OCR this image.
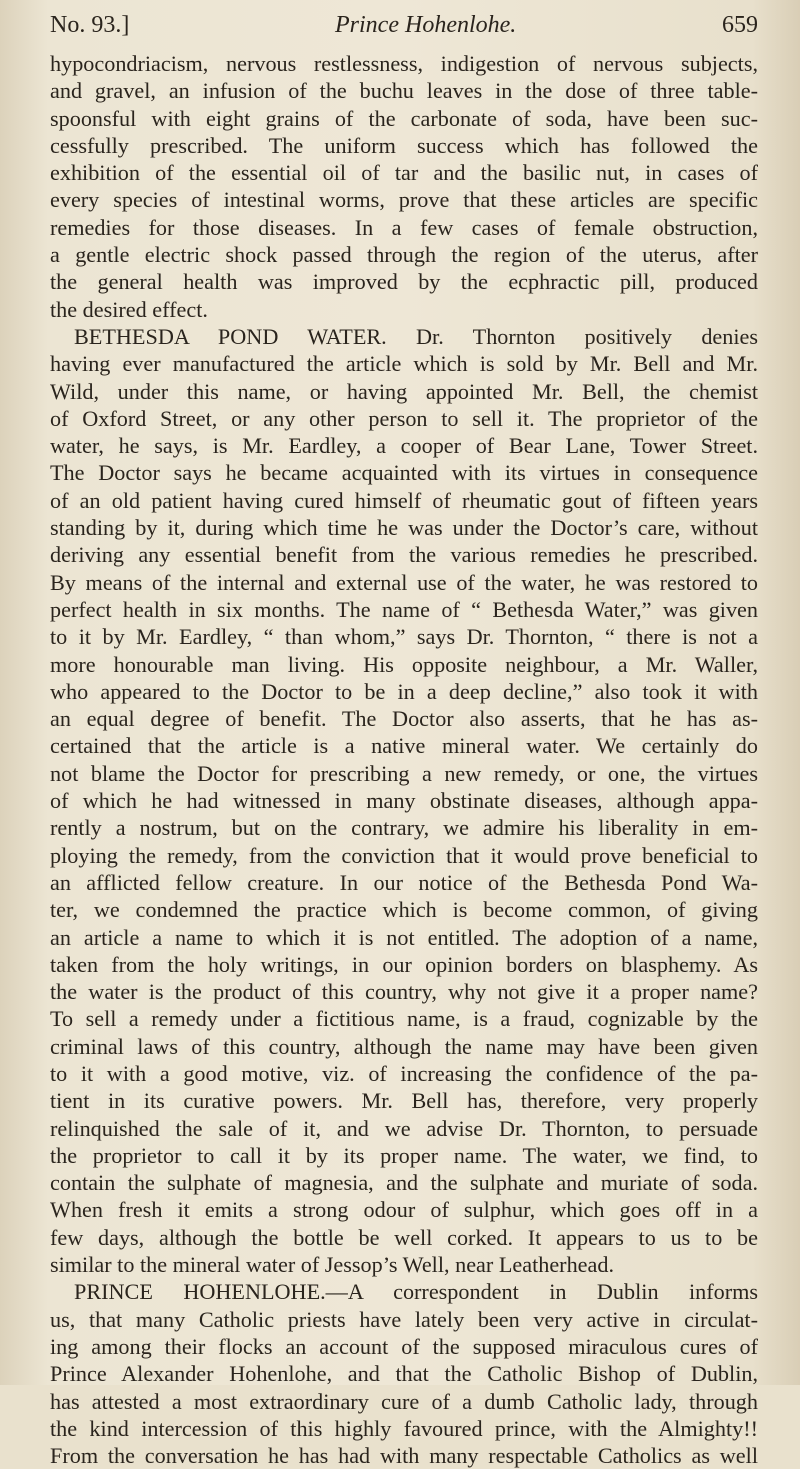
No. 93.]	Prince Hohenlohe.	659
hypocondriacism, nervous restlessness, indigestion of nervous subjects,
and gravel, an infusion of the buchu leaves in the dose of three table-
spoonsful with eight grains of the carbonate of soda, have been suc-
cessfully prescribed. The uniform success which has followed the
exhibition of the essential oil of tar and the basilic nut, in cases of
every species of intestinal worms, prove that these articles are specific
remedies for those diseases. In a few cases of female obstruction,
a gentle electric shock passed through the region of the uterus, after
the general health was improved by the ecphractic pill, produced
the desired effect.
BETHESDA POND WATER. Dr. Thornton positively denies
having ever manufactured the article which is sold by Mr. Bell and Mr.
Wild, under this name, or having appointed Mr. Bell, the chemist
of Oxford Street, or any other person to sell it. The proprietor of the
water, he says, is Mr. Eardley, a cooper of Bear Lane, Tower Street.
The Doctor says he became acquainted with its virtues in consequence
of an old patient having cured himself of rheumatic gout of fifteen years
standing by it, during which time he was under the Doctor’s care, without
deriving any essential benefit from the various remedies he prescribed.
By means of the internal and external use of the water, he was restored to
perfect health in six months. The name of “ Bethesda Water,” was given
to it by Mr. Eardley, “ than whom,” says Dr. Thornton, “ there is not a
more honourable man living. His opposite neighbour, a Mr. Waller,
who appeared to the Doctor to be in a deep decline,” also took it with
an equal degree of benefit. The Doctor also asserts, that he has as-
certained that the article is a native mineral water. We certainly do
not blame the Doctor for prescribing a new remedy, or one, the virtues
of which he had witnessed in many obstinate diseases, although appa-
rently a nostrum, but on the contrary, we admire his liberality in em-
ploying the remedy, from the conviction that it would prove beneficial to
an afflicted fellow creature. In our notice of the Bethesda Pond Wa-
ter, we condemned the practice which is become common, of giving
an article a name to which it is not entitled. The adoption of a name,
taken from the holy writings, in our opinion borders on blasphemy. As
the water is the product of this country, why not give it a proper name?
To sell a remedy under a fictitious name, is a fraud, cognizable by the
criminal laws of this country, although the name may have been given
to it with a good motive, viz. of increasing the confidence of the pa-
tient in its curative powers. Mr. Bell has, therefore, very properly
relinquished the sale of it, and we advise Dr. Thornton, to persuade
the proprietor to call it by its proper name. The water, we find, to
contain the sulphate of magnesia, and the sulphate and muriate of soda.
When fresh it emits a strong odour of sulphur, which goes off in a
few days, although the bottle be well corked. It appears to us to be
similar to the mineral water of Jessop’s Well, near Leatherhead.
PRINCE HOHENLOHE.—A correspondent in Dublin informs
us, that many Catholic priests have lately been very active in circulat-
ing among their flocks an account of the supposed miraculous cures of
Prince Alexander Hohenlohe, and that the Catholic Bishop of Dublin,
has attested a most extraordinary cure of a dumb Catholic lady, through
the kind intercession of this highly favoured prince, with the Almighty!!
From the conversation he has had with many respectable Catholics as well
